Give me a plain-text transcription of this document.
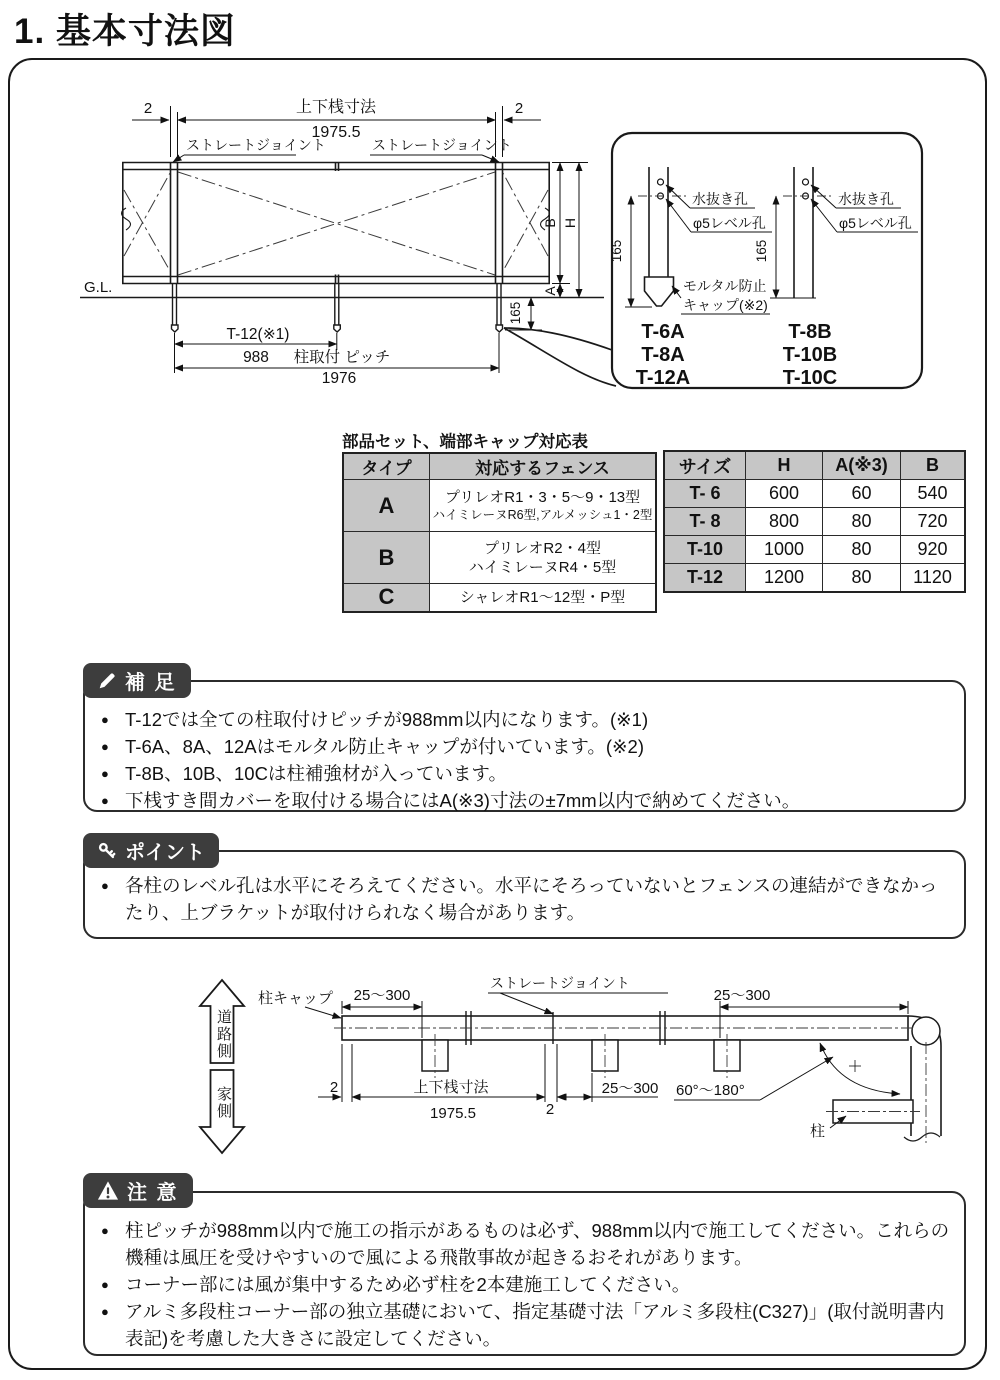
1. 基本寸法図
2	2
上下桟寸法
1975.5
ストレートジョイント	ストレートジョイント
G.L.
B H
A
165
T-12(※1)
988 柱取付 ピッチ
1976
水抜き孔
φ5レベル孔
165
モルタル防止
キャップ(※2)
T-6A
T-8A
T-12A
水抜き孔
φ5レベル孔
165
T-8B
T-10B
T-10C
部品セット、端部キャップ対応表
タイプ	対応するフェンス
A	プリレオR1・3・5〜9・13型
ハイミレーヌR6型,アルメッシュ1・2型

B	プリレオR2・4型
ハイミレーヌR4・5型

C	シャレオR1〜12型・P型
サイズ	H	A(※3)	B
T- 6	600	60	540
T- 8	800	80	720
T-10	1000	80	920
T-12	1200	80	1120
補 足
● T-12では全ての柱取付けピッチが988mm以内になります。(※1)
● T-6A、8A、12Aはモルタル防止キャップが付いています。(※2)
● T-8B、10B、10Cは柱補強材が入っています。
● 下桟すき間カバーを取付ける場合にはA(※3)寸法の±7mm以内で納めてください。
ポイント
● 各柱のレベル孔は水平にそろえてください。水平にそろっていないとフェンスの連結ができなかったり、上ブラケットが取付けられなく場合があります。
道路側
家側
柱キャップ 25〜300
ストレートジョイント
25〜300
2	上下桟寸法
1975.5	2
25〜300 60°〜180°
柱
注 意
● 柱ピッチが988mm以内で施工の指示があるものは必ず、988mm以内で施工してください。これらの機種は風圧を受けやすいので風による飛散事故が起きるおそれがあります。
● コーナー部には風が集中するため必ず柱を2本建施工してください。
● アルミ多段柱コーナー部の独立基礎において、指定基礎寸法「アルミ多段柱(C327)」(取付説明書内表記)を考慮した大きさに設定してください。
